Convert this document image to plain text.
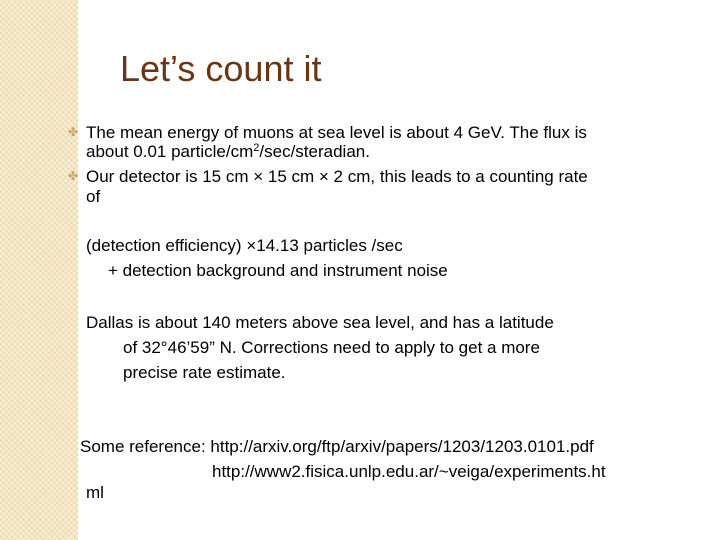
Let’s count it
✤ The mean energy of muons at sea level is about 4 GeV. The flux is

about 0.01 particle/$cm^2/\sec$/steradian.

✤ Our detector is 15 cm × 15 cm × 2 cm, this leads to a counting rate

of

(detection efficiency) ×14.13 particles /sec

+ detection background and instrument noise

Dallas is about 140 meters above sea level, and has a latitude

of 32°46’59” N. Corrections need to apply to get a more

precise rate estimate.

Some reference: http://arxiv.org/ftp/arxiv/papers/1203/1203.0101.pdf

http://www2.fisica.unlp.edu.ar/~veiga/experiments.ht

ml
